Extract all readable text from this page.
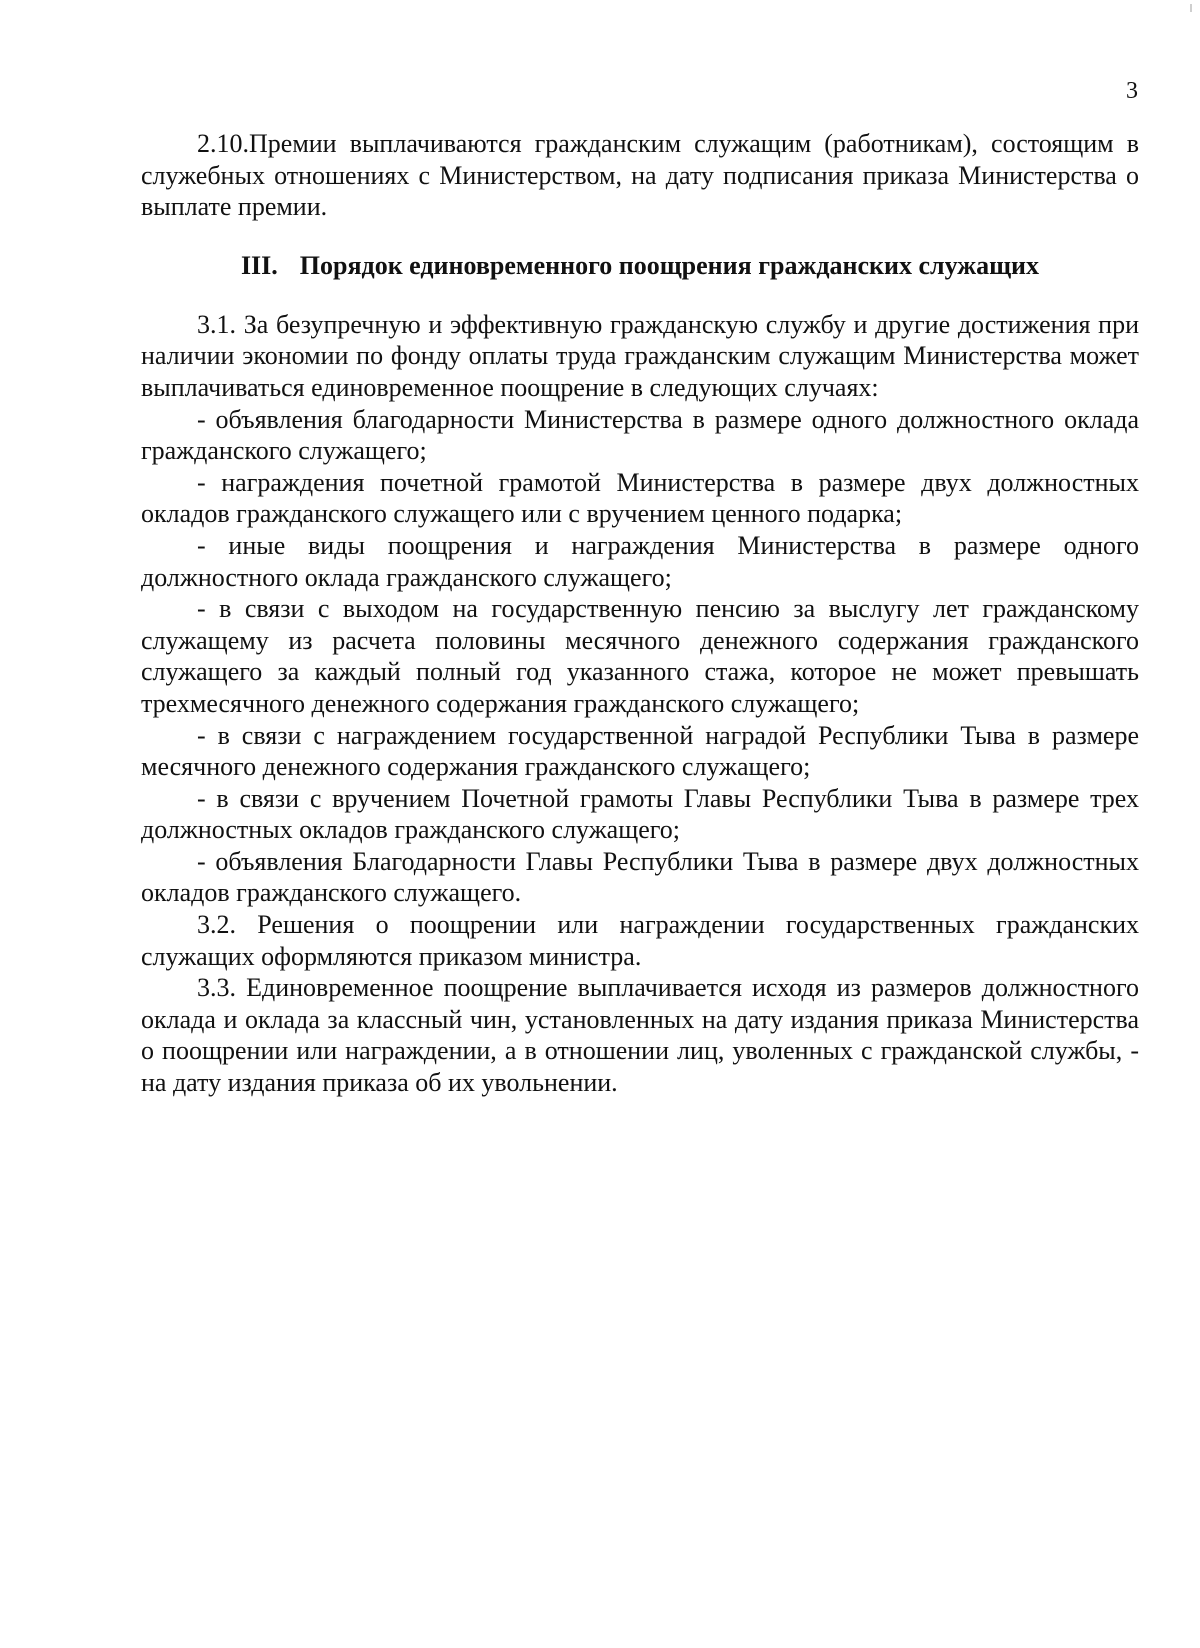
3

2.10.Премии выплачиваются гражданским служащим (работникам), состоящим в служебных отношениях с Министерством, на дату подписания приказа Министерства о выплате премии.

III. Порядок единовременного поощрения гражданских служащих

3.1. За безупречную и эффективную гражданскую службу и другие достижения при наличии экономии по фонду оплаты труда гражданским служащим Министерства может выплачиваться единовременное поощрение в следующих случаях:

- объявления благодарности Министерства в размере одного должностного оклада гражданского служащего;

- награждения почетной грамотой Министерства в размере двух должностных окладов гражданского служащего или с вручением ценного подарка;

- иные виды поощрения и награждения Министерства в размере одного должностного оклада гражданского служащего;

- в связи с выходом на государственную пенсию за выслугу лет гражданскому служащему из расчета половины месячного денежного содержания гражданского служащего за каждый полный год указанного стажа, которое не может превышать трехмесячного денежного содержания гражданского служащего;

- в связи с награждением государственной наградой Республики Тыва в размере месячного денежного содержания гражданского служащего;

- в связи с вручением Почетной грамоты Главы Республики Тыва в размере трех должностных окладов гражданского служащего;

- объявления Благодарности Главы Республики Тыва в размере двух должностных окладов гражданского служащего.

3.2. Решения о поощрении или награждении государственных гражданских служащих оформляются приказом министра.

3.3. Единовременное поощрение выплачивается исходя из размеров должностного оклада и оклада за классный чин, установленных на дату издания приказа Министерства о поощрении или награждении, а в отношении лиц, уволенных с гражданской службы, - на дату издания приказа об их увольнении.
